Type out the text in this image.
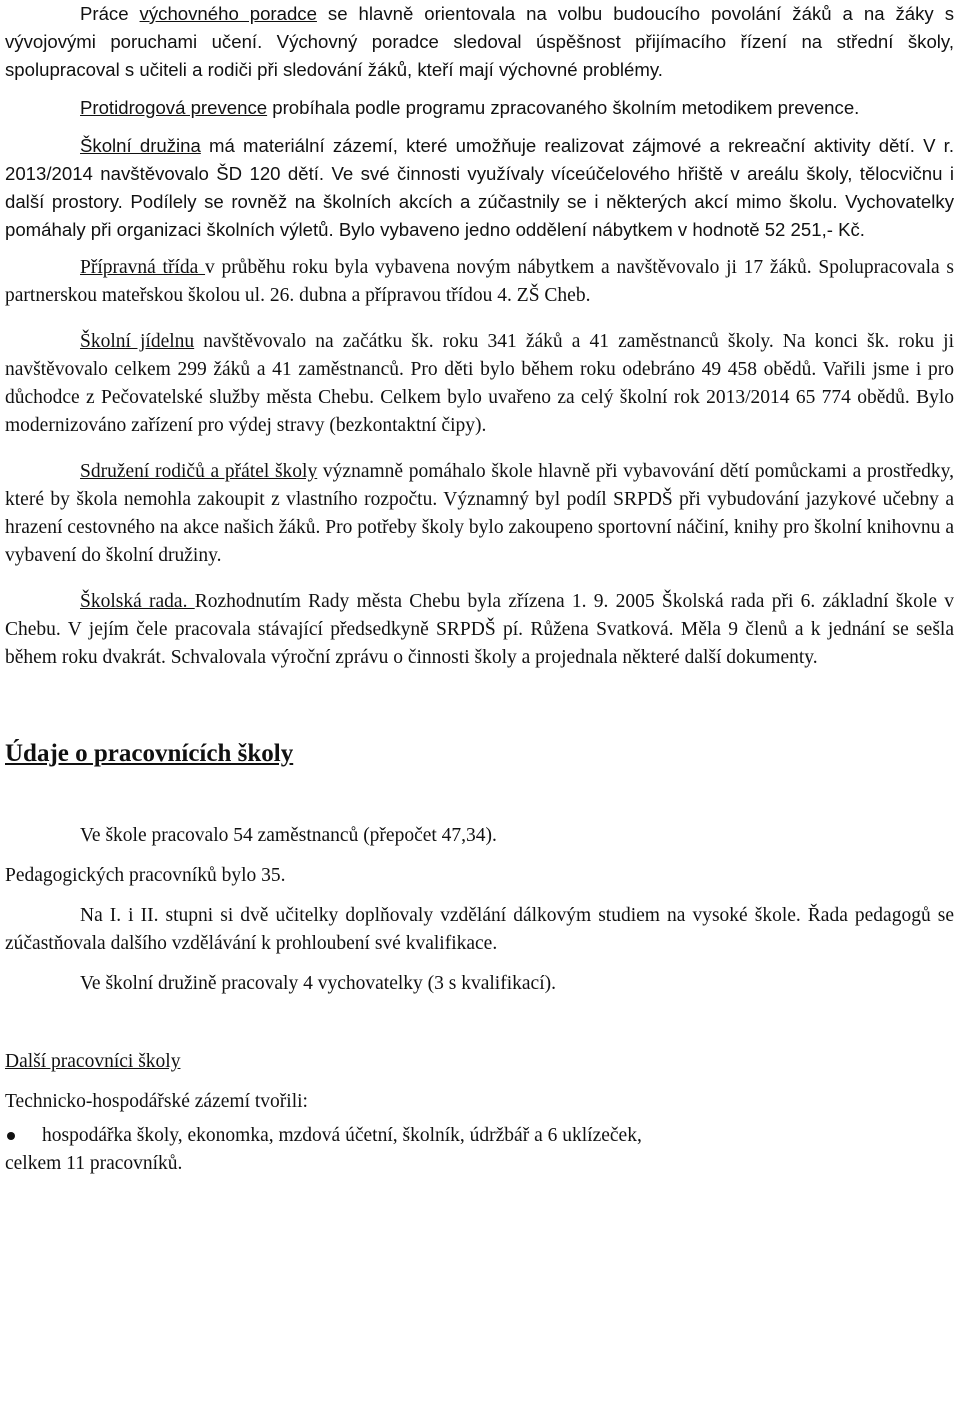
Práce výchovného poradce se hlavně orientovala na volbu budoucího povolání žáků a na žáky s vývojovými poruchami učení. Výchovný poradce sledoval úspěšnost přijímacího řízení na střední školy, spolupracoval s učiteli a rodiči při sledování žáků, kteří mají výchovné problémy.

Protidrogová prevence probíhala podle programu zpracovaného školním metodikem prevence.

Školní družina má materiální zázemí, které umožňuje realizovat zájmové a rekreační aktivity dětí. V r. 2013/2014 navštěvovalo ŠD 120 dětí. Ve své činnosti využívaly víceúčelového hřiště v areálu školy, tělocvičnu i další prostory. Podílely se rovněž na školních akcích a zúčastnily se i některých akcí mimo školu. Vychovatelky pomáhaly při organizaci školních výletů. Bylo vybaveno jedno oddělení nábytkem v hodnotě 52 251,- Kč.

Přípravná třída v průběhu roku byla vybavena novým nábytkem a navštěvovalo ji 17 žáků. Spolupracovala s partnerskou mateřskou školou ul. 26. dubna a přípravou třídou 4. ZŠ Cheb.

Školní jídelnu navštěvovalo na začátku šk. roku 341 žáků a 41 zaměstnanců školy. Na konci šk. roku ji navštěvovalo celkem 299 žáků a 41 zaměstnanců. Pro děti bylo během roku odebráno 49 458 obědů. Vařili jsme i pro důchodce z Pečovatelské služby města Chebu. Celkem bylo uvařeno za celý školní rok 2013/2014 65 774 obědů. Bylo modernizováno zařízení pro výdej stravy (bezkontaktní čipy).

Sdružení rodičů a přátel školy významně pomáhalo škole hlavně při vybavování dětí pomůckami a prostředky, které by škola nemohla zakoupit z vlastního rozpočtu. Významný byl podíl SRPDŠ při vybudování jazykové učebny a hrazení cestovného na akce našich žáků. Pro potřeby školy bylo zakoupeno sportovní náčiní, knihy pro školní knihovnu a vybavení do školní družiny.

Školská rada. Rozhodnutím Rady města Chebu byla zřízena 1. 9. 2005 Školská rada při 6. základní škole v Chebu. V jejím čele pracovala stávající předsedkyně SRPDŠ pí. Růžena Svatková. Měla 9 členů a k jednání se sešla během roku dvakrát. Schvalovala výroční zprávu o činnosti školy a projednala některé další dokumenty.

Údaje o pracovnících školy

Ve škole pracovalo 54 zaměstnanců (přepočet 47,34).

Pedagogických pracovníků bylo 35.

Na I. i II. stupni si dvě učitelky doplňovaly vzdělání dálkovým studiem na vysoké škole. Řada pedagogů se zúčastňovala dalšího vzdělávání k prohloubení své kvalifikace.

Ve školní družině pracovaly 4 vychovatelky (3 s kvalifikací).

Další pracovníci školy

Technicko-hospodářské zázemí tvořili:

hospodářka školy, ekonomka, mzdová účetní, školník, údržbář a 6 uklízeček,

celkem 11 pracovníků.
